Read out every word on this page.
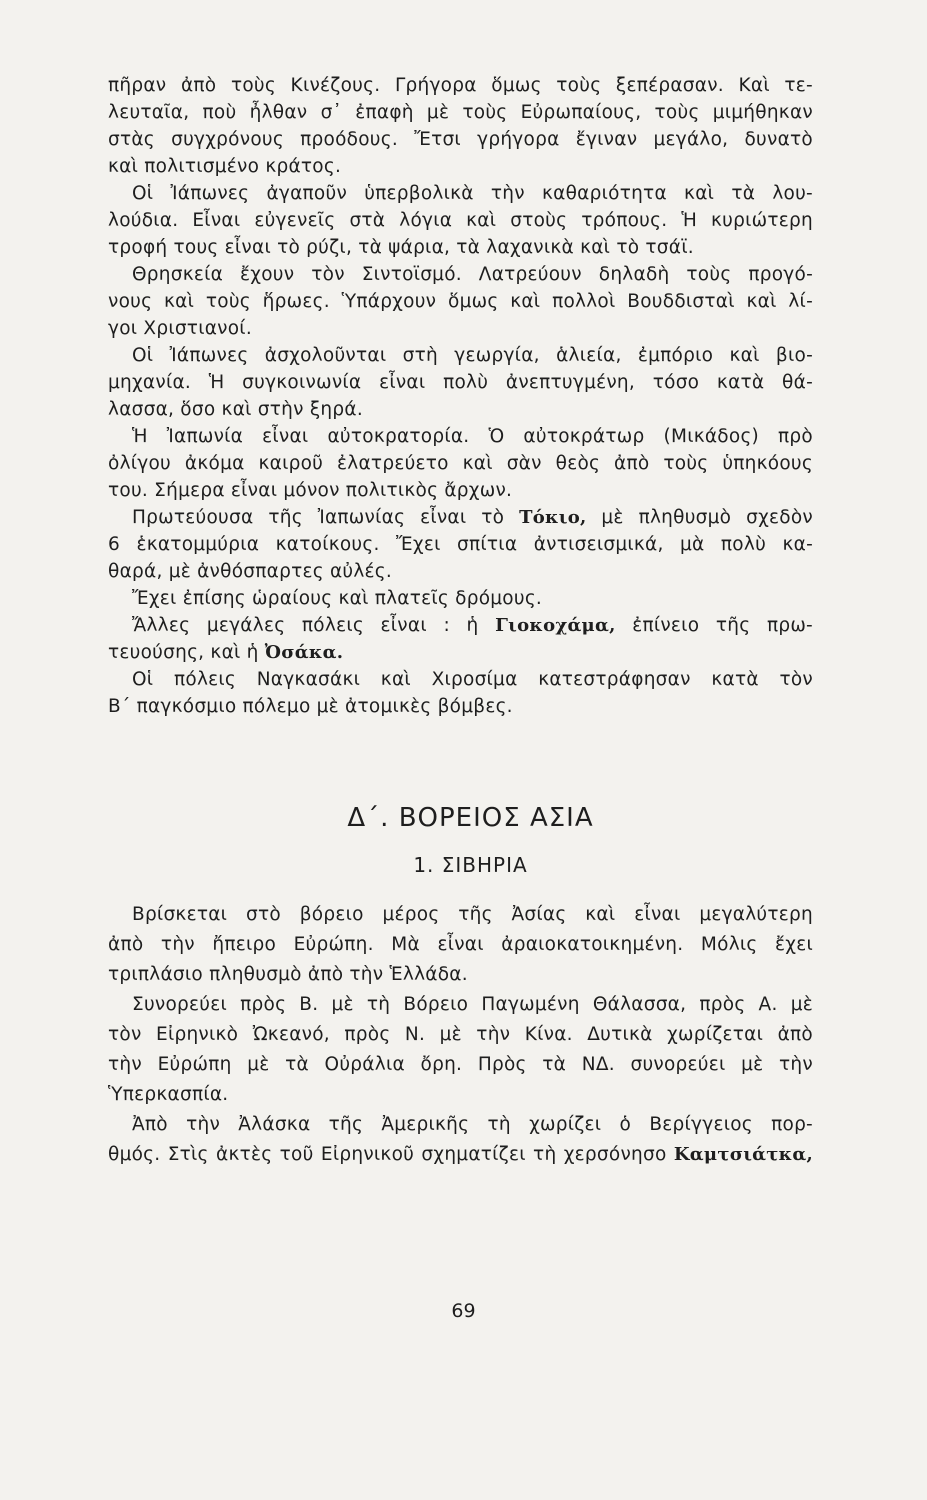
πῆραν ἀπὸ τοὺς Κινέζους. Γρήγορα ὅμως τοὺς ξεπέρασαν. Καὶ τε-
λευταῖα, ποὺ ἦλθαν σ᾽ ἐπαφὴ μὲ τοὺς Εὐρωπαίους, τοὺς μιμήθηκαν
στὰς συγχρόνους προόδους. Ἔτσι γρήγορα ἔγιναν μεγάλο, δυνατὸ
καὶ πολιτισμένο κράτος.
Οἱ Ἰάπωνες ἀγαποῦν ὑπερβολικὰ τὴν καθαριότητα καὶ τὰ λου-
λούδια. Εἶναι εὐγενεῖς στὰ λόγια καὶ στοὺς τρόπους. Ἡ κυριώτερη
τροφή τους εἶναι τὸ ρύζι, τὰ ψάρια, τὰ λαχανικὰ καὶ τὸ τσάϊ.
Θρησκεία ἔχουν τὸν Σιντοϊσμό. Λατρεύουν δηλαδὴ τοὺς προγό-
νους καὶ τοὺς ἥρωες. Ὑπάρχουν ὅμως καὶ πολλοὶ Βουδδισταὶ καὶ λί-
γοι Χριστιανοί.
Οἱ Ἰάπωνες ἀσχολοῦνται στὴ γεωργία, ἁλιεία, ἐμπόριο καὶ βιο-
μηχανία. Ἡ συγκοινωνία εἶναι πολὺ ἀνεπτυγμένη, τόσο κατὰ θά-
λασσα, ὅσο καὶ στὴν ξηρά.
Ἡ Ἰαπωνία εἶναι αὐτοκρατορία. Ὁ αὐτοκράτωρ (Μικάδος) πρὸ
ὀλίγου ἀκόμα καιροῦ ἐλατρεύετο καὶ σὰν θεὸς ἀπὸ τοὺς ὑπηκόους
του. Σήμερα εἶναι μόνον πολιτικὸς ἄρχων.
Πρωτεύουσα τῆς Ἰαπωνίας εἶναι τὸ Τόκιο, μὲ πληθυσμὸ σχεδὸν
6 ἑκατομμύρια κατοίκους. Ἔχει σπίτια ἀντισεισμικά, μὰ πολὺ κα-
θαρά, μὲ ἀνθόσπαρτες αὐλές.
Ἔχει ἐπίσης ὡραίους καὶ πλατεῖς δρόμους.
Ἄλλες μεγάλες πόλεις εἶναι : ἡ Γιοκοχάμα, ἐπίνειο τῆς πρω-
τευούσης, καὶ ἡ Ὀσάκα.
Οἱ πόλεις Ναγκασάκι καὶ Χιροσίμα κατεστράφησαν κατὰ τὸν
Β΄ παγκόσμιο πόλεμο μὲ ἀτομικὲς βόμβες.
Δ΄. ΒΟΡΕΙΟΣ ΑΣΙΑ
1. ΣΙΒΗΡΙΑ
Βρίσκεται στὸ βόρειο μέρος τῆς Ἀσίας καὶ εἶναι μεγαλύτερη
ἀπὸ τὴν ἤπειρο Εὐρώπη. Μὰ εἶναι ἀραιοκατοικημένη. Μόλις ἔχει
τριπλάσιο πληθυσμὸ ἀπὸ τὴν Ἑλλάδα.
Συνορεύει πρὸς Β. μὲ τὴ Βόρειο Παγωμένη Θάλασσα, πρὸς Α. μὲ
τὸν Εἰρηνικὸ Ὠκεανό, πρὸς Ν. μὲ τὴν Κίνα. Δυτικὰ χωρίζεται ἀπὸ
τὴν Εὐρώπη μὲ τὰ Οὐράλια ὄρη. Πρὸς τὰ ΝΔ. συνορεύει μὲ τὴν
Ὑπερκασπία.
Ἀπὸ τὴν Ἀλάσκα τῆς Ἀμερικῆς τὴ χωρίζει ὁ Βερίγγειος πορ-
θμός. Στὶς ἀκτὲς τοῦ Εἰρηνικοῦ σχηματίζει τὴ χερσόνησο Καμτσιάτκα,
69
